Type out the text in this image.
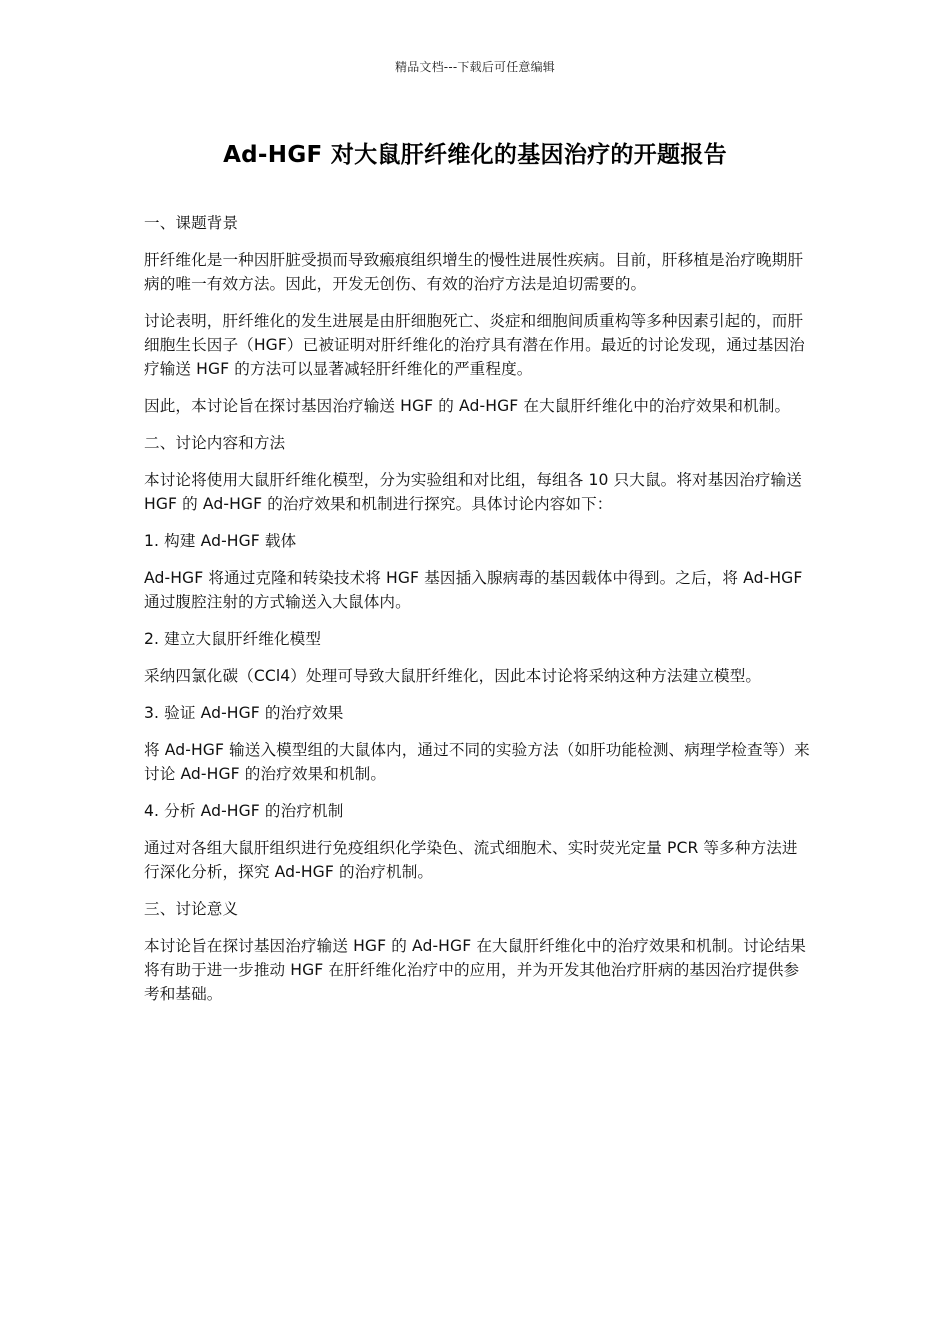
精品文档---下载后可任意编辑
Ad-HGF 对大鼠肝纤维化的基因治疗的开题报告

一、课题背景

肝纤维化是一种因肝脏受损而导致瘢痕组织增生的慢性进展性疾病。目前，肝移植是治疗晚期肝病的唯一有效方法。因此，开发无创伤、有效的治疗方法是迫切需要的。

讨论表明，肝纤维化的发生进展是由肝细胞死亡、炎症和细胞间质重构等多种因素引起的，而肝细胞生长因子（HGF）已被证明对肝纤维化的治疗具有潜在作用。最近的讨论发现，通过基因治疗输送 HGF 的方法可以显著减轻肝纤维化的严重程度。

因此，本讨论旨在探讨基因治疗输送 HGF 的 Ad-HGF 在大鼠肝纤维化中的治疗效果和机制。

二、讨论内容和方法

本讨论将使用大鼠肝纤维化模型，分为实验组和对比组，每组各 10 只大鼠。将对基因治疗输送 HGF 的 Ad-HGF 的治疗效果和机制进行探究。具体讨论内容如下：

1. 构建 Ad-HGF 载体

Ad-HGF 将通过克隆和转染技术将 HGF 基因插入腺病毒的基因载体中得到。之后，将 Ad-HGF 通过腹腔注射的方式输送入大鼠体内。

2. 建立大鼠肝纤维化模型

采纳四氯化碳（CCl4）处理可导致大鼠肝纤维化，因此本讨论将采纳这种方法建立模型。

3. 验证 Ad-HGF 的治疗效果

将 Ad-HGF 输送入模型组的大鼠体内，通过不同的实验方法（如肝功能检测、病理学检查等）来讨论 Ad-HGF 的治疗效果和机制。

4. 分析 Ad-HGF 的治疗机制

通过对各组大鼠肝组织进行免疫组织化学染色、流式细胞术、实时荧光定量 PCR 等多种方法进行深化分析，探究 Ad-HGF 的治疗机制。

三、讨论意义

本讨论旨在探讨基因治疗输送 HGF 的 Ad-HGF 在大鼠肝纤维化中的治疗效果和机制。讨论结果将有助于进一步推动 HGF 在肝纤维化治疗中的应用，并为开发其他治疗肝病的基因治疗提供参考和基础。
